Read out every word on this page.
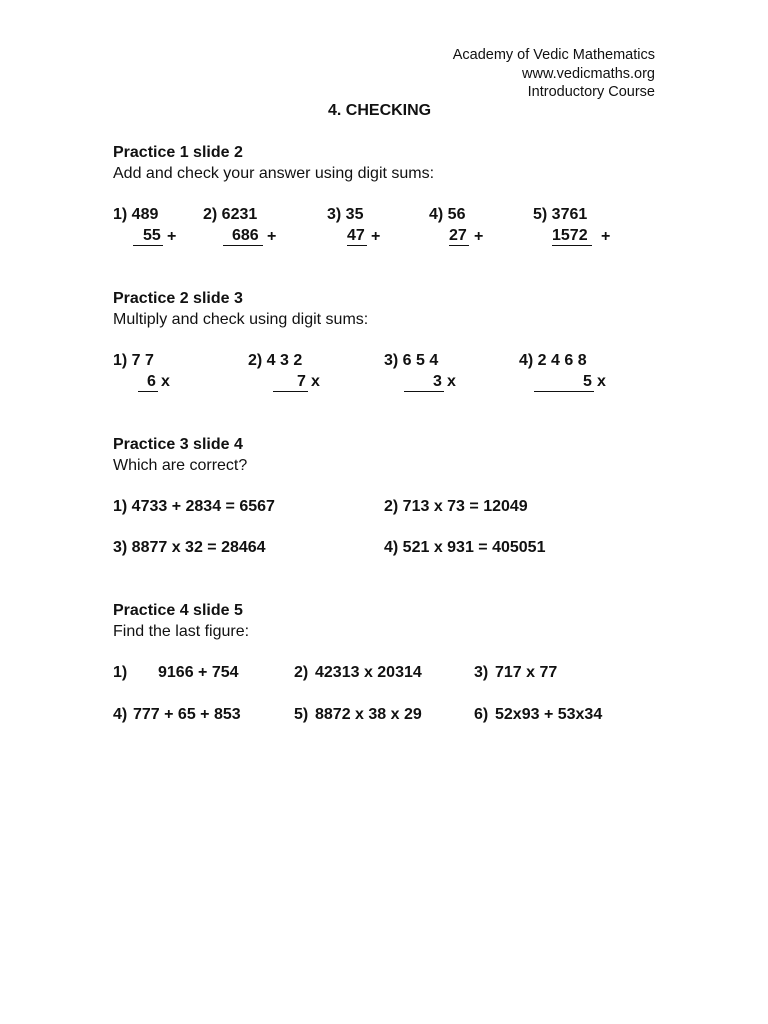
Academy of Vedic Mathematics
www.vedicmaths.org
Introductory Course
4. CHECKING
Practice 1 slide 2
Add and check your answer using digit sums:
1) 489
55 +
2) 6231
686 +
3) 35
47 +
4) 56
27 +
5) 3761
1572 +
Practice 2 slide 3
Multiply and check using digit sums:
1) 7 7
6 x
2) 4 3 2
7 x
3) 6 5 4
3 x
4) 2 4 6 8
5 x
Practice 3 slide 4
Which are correct?
1) 4733 + 2834 = 6567	2) 713 x 73 = 12049
3) 8877 x 32 = 28464	4) 521 x 931 = 405051
Practice 4 slide 5
Find the last figure:
1) 9166 + 754	2) 42313 x 20314	3) 717 x 77
4) 777 + 65 + 853	5) 8872 x 38 x 29	6) 52x93 + 53x34
